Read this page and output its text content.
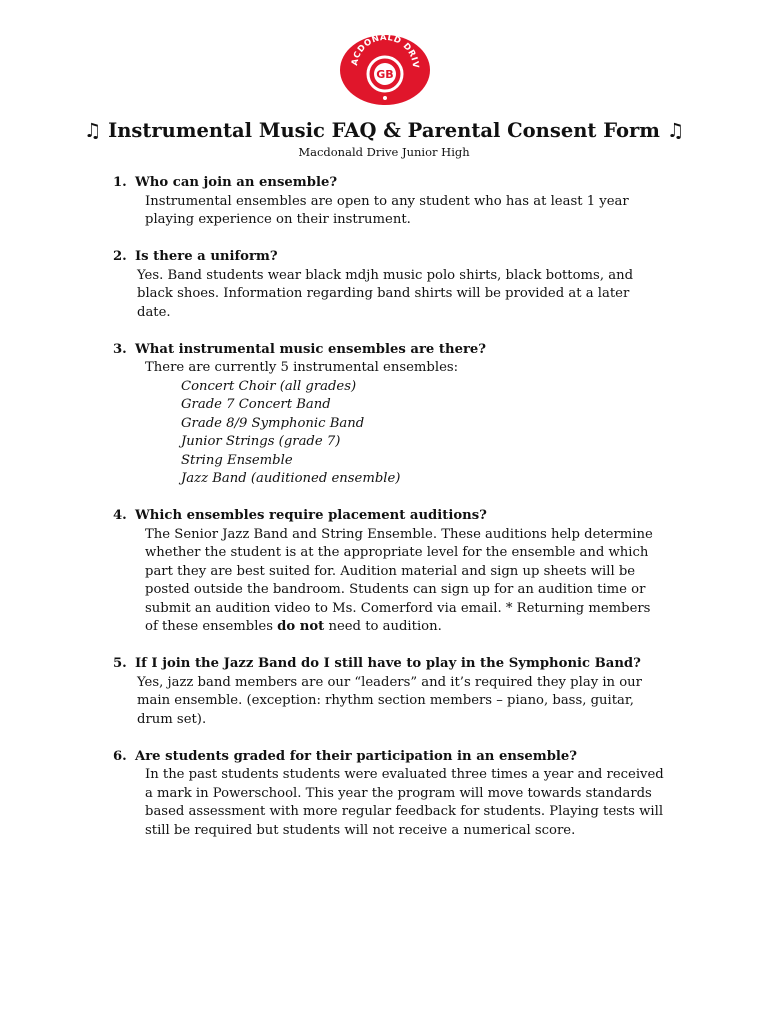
ACDONALD DRIV
GB
♫ Instrumental Music FAQ & Parental Consent Form ♫
Macdonald Drive Junior High
1. Who can join an ensemble?
Instrumental ensembles are open to any student who has at least 1 year
playing experience on their instrument.
2. Is there a uniform?
Yes. Band students wear black mdjh music polo shirts, black bottoms, and
black shoes. Information regarding band shirts will be provided at a later
date.
3. What instrumental music ensembles are there?
There are currently 5 instrumental ensembles:
Concert Choir (all grades)
Grade 7 Concert Band
Grade 8/9 Symphonic Band
Junior Strings (grade 7)
String Ensemble
Jazz Band (auditioned ensemble)
4. Which ensembles require placement auditions?
The Senior Jazz Band and String Ensemble. These auditions help determine
whether the student is at the appropriate level for the ensemble and which
part they are best suited for. Audition material and sign up sheets will be
posted outside the bandroom. Students can sign up for an audition time or
submit an audition video to Ms. Comerford via email. * Returning members
of these ensembles do not need to audition.
5. If I join the Jazz Band do I still have to play in the Symphonic Band?
Yes, jazz band members are our “leaders” and it’s required they play in our
main ensemble. (exception: rhythm section members – piano, bass, guitar,
drum set).
6. Are students graded for their participation in an ensemble?
In the past students students were evaluated three times a year and received
a mark in Powerschool. This year the program will move towards standards
based assessment with more regular feedback for students. Playing tests will
still be required but students will not receive a numerical score.
